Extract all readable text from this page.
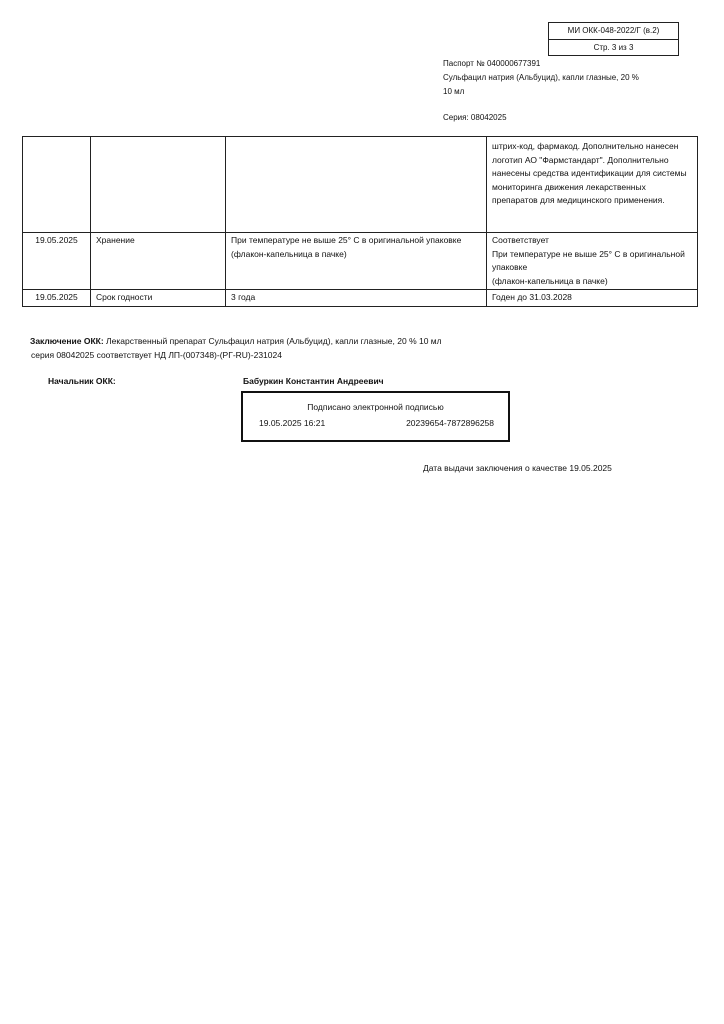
МИ ОКК-048-2022/Г (в.2)
Стр. 3 из 3
Паспорт № 040000677391
Сульфацил натрия (Альбуцид), капли глазные, 20 %
10 мл
Серия: 08042025
			штрих-код, фармакод. Дополнительно нанесен логотип АО "Фармстандарт". Дополнительно нанесены средства идентификации для системы мониторинга движения лекарственных препаратов для медицинского применения.
19.05.2025	Хранение	При температуре не выше 25° С в оригинальной упаковке (флакон-капельница в пачке)	Соответствует
При температуре не выше 25° С в оригинальной упаковке
(флакон-капельница в пачке)

19.05.2025	Срок годности	3 года	Годен до 31.03.2028
Заключение ОКК: Лекарственный препарат Сульфацил натрия (Альбуцид), капли глазные, 20 % 10 мл
серия 08042025 соответствует НД ЛП-(007348)-(РГ-RU)-231024
Начальник ОКК:	Бабуркин Константин Андреевич
Подписано электронной подписью
19.05.2025 16:21	20239654-7872896258
Дата выдачи заключения о качестве 19.05.2025
